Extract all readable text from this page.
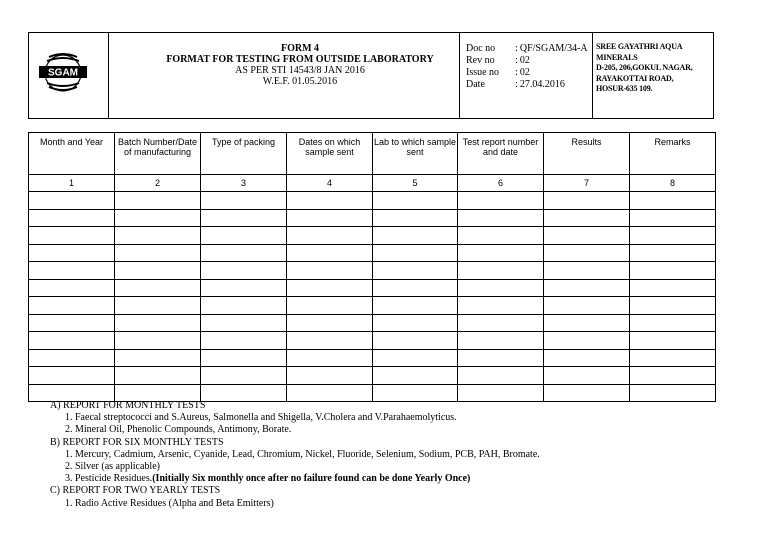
SGAM
FORM 4
FORMAT FOR TESTING FROM OUTSIDE LABORATORY
AS PER STI 14543/8 JAN 2016
W.E.F. 01.05.2016
Doc no	:	QF/SGAM/34-A
Rev no	:	02
Issue no	:	02
Date	:	27.04.2016
SREE GAYATHRI AQUA
MINERALS
D-205, 206,GOKUL NAGAR,
RAYAKOTTAI ROAD,
HOSUR-635 109.
Month and Year	Batch Number/Date of manufacturing	Type of packing	Dates on which sample sent	Lab to which sample sent	Test report number and date	Results	Remarks
1	2	3	4	5	6	7	8

A) REPORT FOR MONTHLY TESTS
1. Faecal streptococci and S.Aureus, Salmonella and Shigella, V.Cholera and V.Parahaemolyticus.
2. Mineral Oil, Phenolic Compounds, Antimony, Borate.
B) REPORT FOR SIX MONTHLY TESTS
1. Mercury, Cadmium, Arsenic, Cyanide, Lead, Chromium, Nickel, Fluoride, Selenium, Sodium, PCB, PAH, Bromate.
2. Silver (as applicable)
3. Pesticide Residues.(Initially Six monthly once after no failure found can be done Yearly Once)
C) REPORT FOR TWO YEARLY TESTS
1. Radio Active Residues (Alpha and Beta Emitters)
